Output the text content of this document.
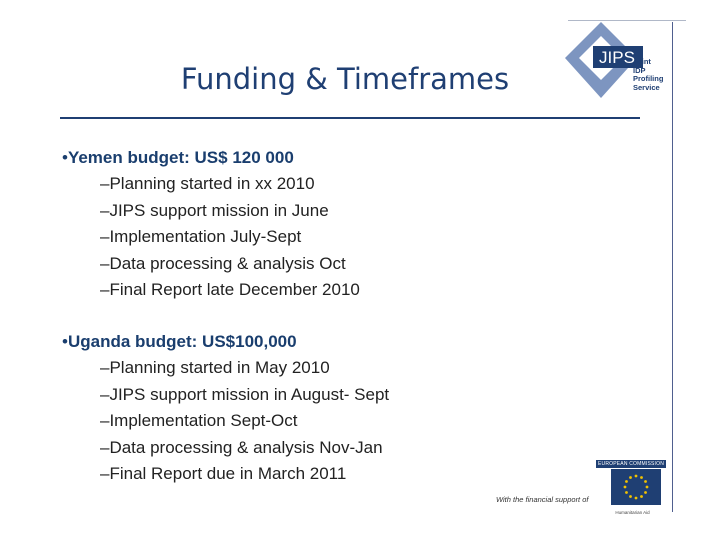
Funding & Timeframes
JIPS
Joint
IDP
Profiling
Service
•Yemen budget: US$ 120 000
–Planning started in xx 2010
–JIPS support mission in June
–Implementation July-Sept
–Data processing & analysis Oct
–Final Report late December 2010
•Uganda budget: US$100,000
–Planning started in May 2010
–JIPS support mission in August- Sept
–Implementation Sept-Oct
–Data processing & analysis Nov-Jan
–Final Report due in March 2011
With the financial support of
EUROPEAN COMMISSION
Humanitarian Aid
